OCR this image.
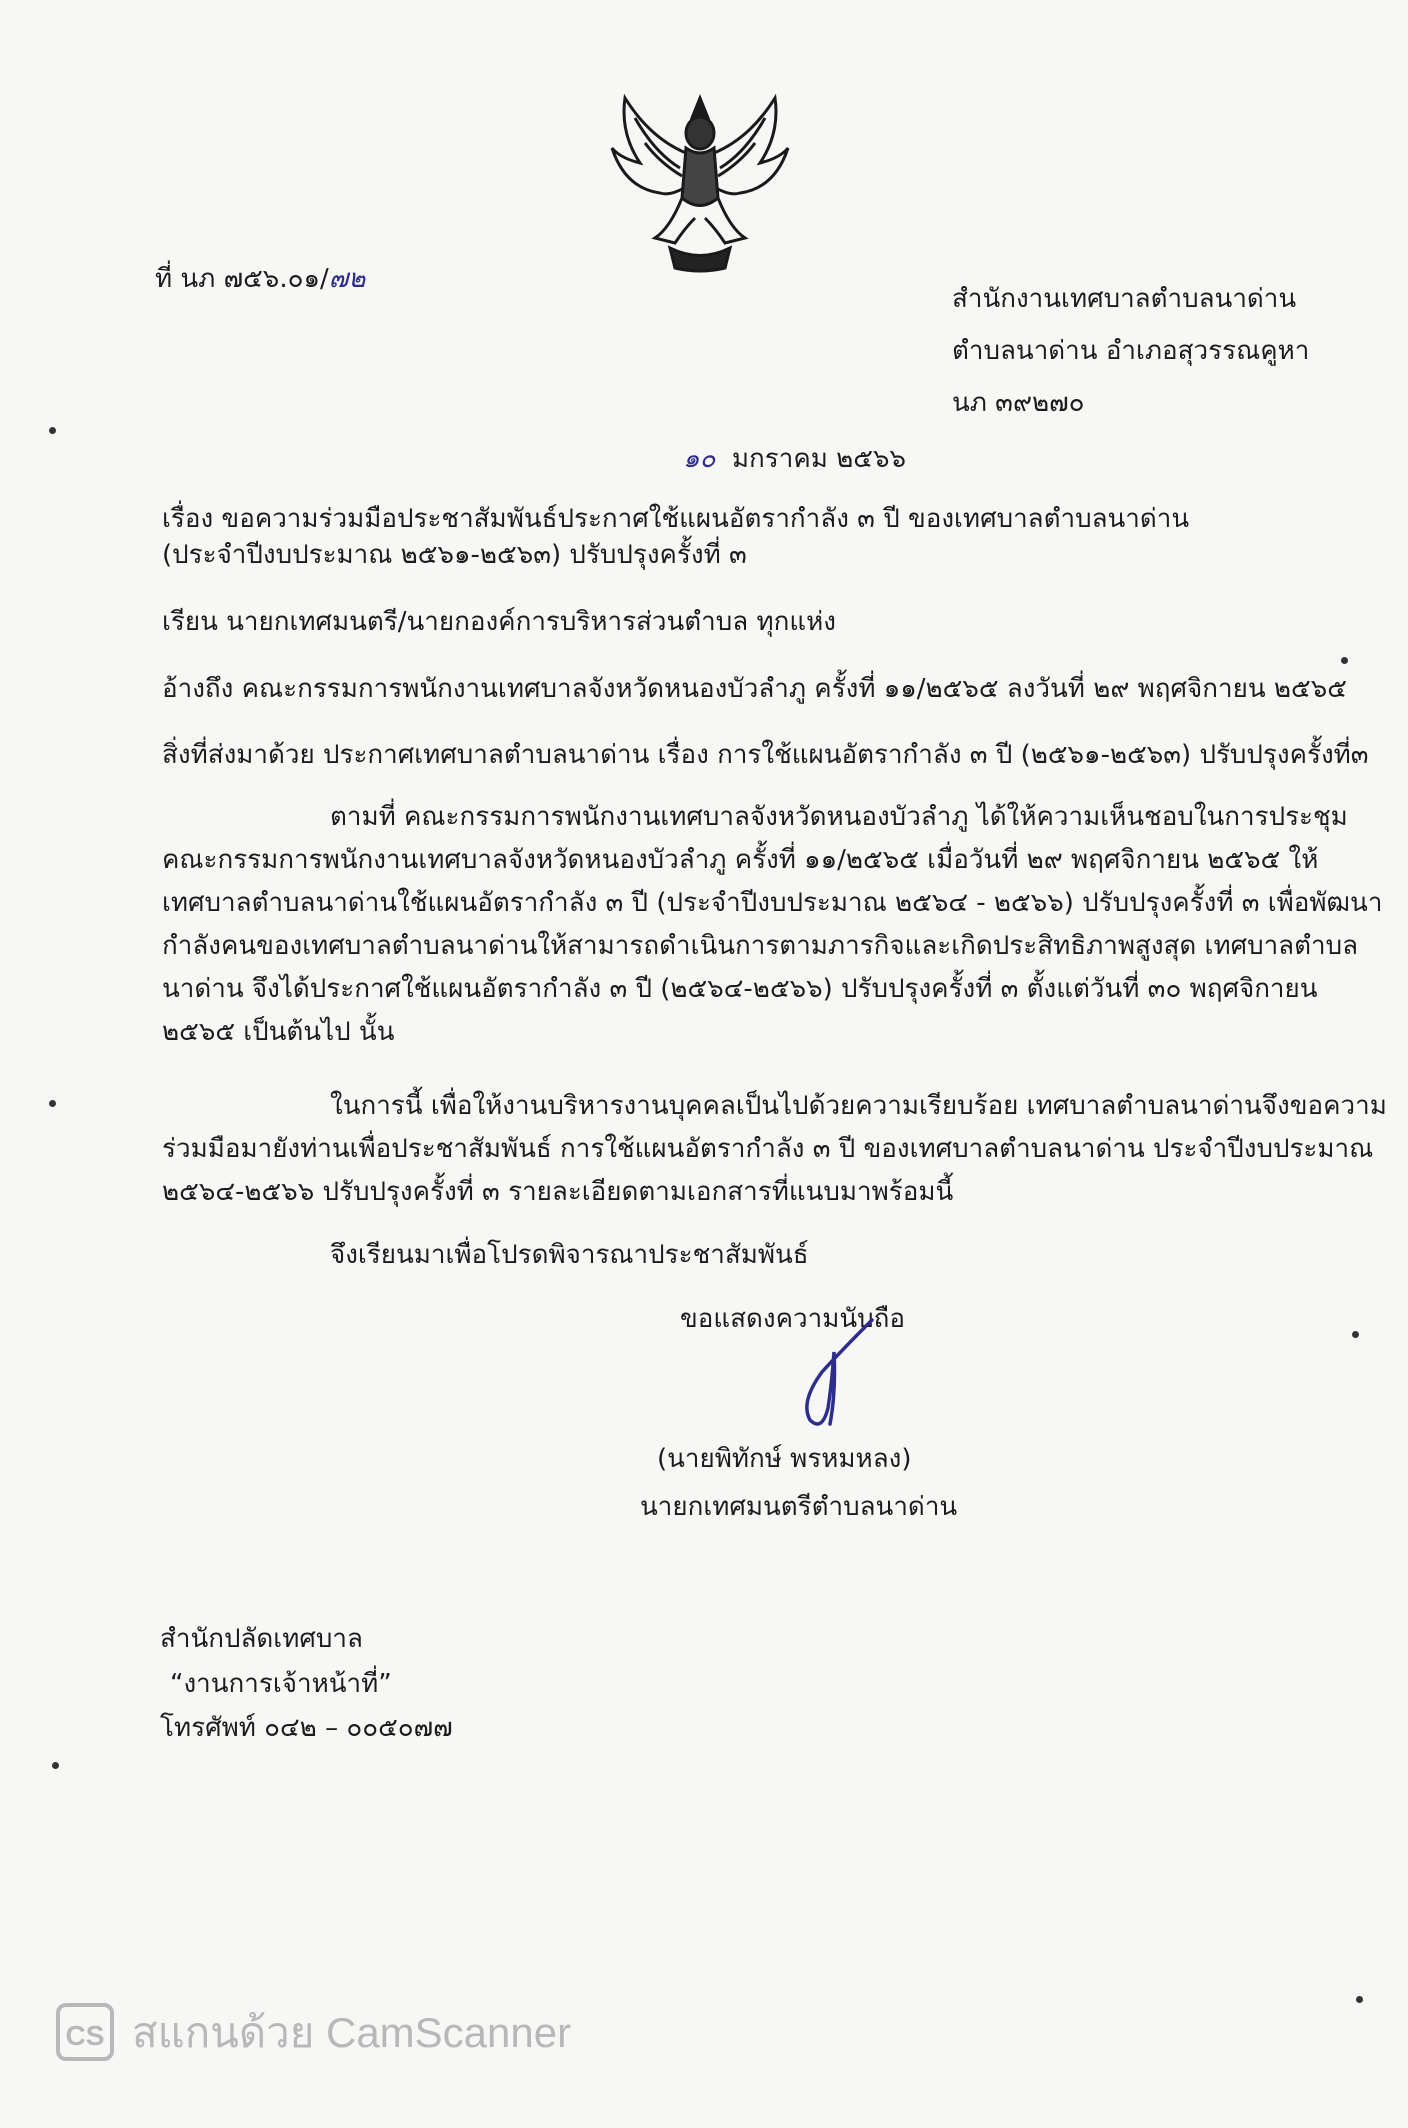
ที่ นภ ๗๕๖.๐๑/๗๒
สำนักงานเทศบาลตำบลนาด่าน
ตำบลนาด่าน อำเภอสุวรรณคูหา
นภ ๓๙๒๗๐
๑๐ มกราคม ๒๕๖๖
เรื่อง ขอความร่วมมือประชาสัมพันธ์ประกาศใช้แผนอัตรากำลัง ๓ ปี ของเทศบาลตำบลนาด่าน
(ประจำปีงบประมาณ ๒๕๖๑-๒๕๖๓) ปรับปรุงครั้งที่ ๓
เรียน นายกเทศมนตรี/นายกองค์การบริหารส่วนตำบล ทุกแห่ง
อ้างถึง คณะกรรมการพนักงานเทศบาลจังหวัดหนองบัวลำภู ครั้งที่ ๑๑/๒๕๖๕ ลงวันที่ ๒๙ พฤศจิกายน ๒๕๖๕
สิ่งที่ส่งมาด้วย ประกาศเทศบาลตำบลนาด่าน เรื่อง การใช้แผนอัตรากำลัง ๓ ปี (๒๕๖๑-๒๕๖๓) ปรับปรุงครั้งที่๓
ตามที่ คณะกรรมการพนักงานเทศบาลจังหวัดหนองบัวลำภู ได้ให้ความเห็นชอบในการประชุม
คณะกรรมการพนักงานเทศบาลจังหวัดหนองบัวลำภู ครั้งที่ ๑๑/๒๕๖๕ เมื่อวันที่ ๒๙ พฤศจิกายน ๒๕๖๕ ให้
เทศบาลตำบลนาด่านใช้แผนอัตรากำลัง ๓ ปี (ประจำปีงบประมาณ ๒๕๖๔ - ๒๕๖๖) ปรับปรุงครั้งที่ ๓ เพื่อพัฒนา
กำลังคนของเทศบาลตำบลนาด่านให้สามารถดำเนินการตามภารกิจและเกิดประสิทธิภาพสูงสุด เทศบาลตำบล
นาด่าน จึงได้ประกาศใช้แผนอัตรากำลัง ๓ ปี (๒๕๖๔-๒๕๖๖) ปรับปรุงครั้งที่ ๓ ตั้งแต่วันที่ ๓๐ พฤศจิกายน
๒๕๖๕ เป็นต้นไป นั้น
ในการนี้ เพื่อให้งานบริหารงานบุคคลเป็นไปด้วยความเรียบร้อย เทศบาลตำบลนาด่านจึงขอความ
ร่วมมือมายังท่านเพื่อประชาสัมพันธ์ การใช้แผนอัตรากำลัง ๓ ปี ของเทศบาลตำบลนาด่าน ประจำปีงบประมาณ
๒๕๖๔-๒๕๖๖ ปรับปรุงครั้งที่ ๓ รายละเอียดตามเอกสารที่แนบมาพร้อมนี้
จึงเรียนมาเพื่อโปรดพิจารณาประชาสัมพันธ์
ขอแสดงความนับถือ
(นายพิทักษ์ พรหมหลง)
นายกเทศมนตรีตำบลนาด่าน
สำนักปลัดเทศบาล
“งานการเจ้าหน้าที่”
โทรศัพท์ ๐๔๒ – ๐๐๕๐๗๗
CS สแกนด้วย CamScanner
